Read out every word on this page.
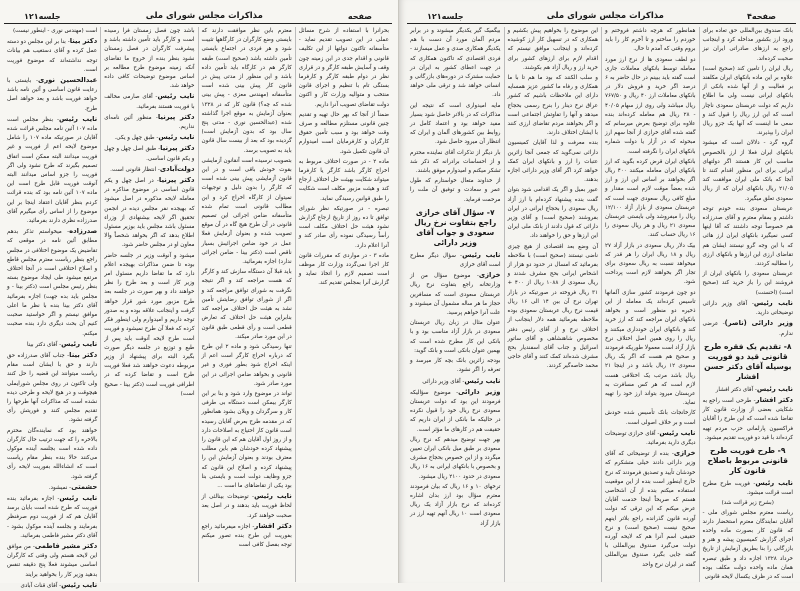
صفحه
مذاکرات مجلس شورای ملی
جلسه۱۲۱
بحرانرا با استفاده از شرح مسائل عملی در این تصویب تقدیم نماید - متأسفانه تاکنون دولتها از این تکلیف قانونی و اقدام جدی در این زمینه چون وقف و آسایش طبقه کارگر و در قراری نظر در دوام طبقه کارگر و کارفرما بستگی تام با تنظیم و اجرای قانون منتخب و متوالیه وزارت کار و اکنون دولت تقاضای تصویب آنرا داریم.
ضمناً از آنجا که بهر حال تهیه و تقدیم چنین قانونی مستلزم مطالعه و صرف وقت خواهد بود و سبب تأمین حقوق کارگران و کارفرمایان است امیدوارم آن قانون تکمیل شود.
ماده ۲ - در صورت اختلاف مربوط به اخراج کارگر باشد کارگر یا کارفرما میتواند شکایت بهیئت حل اختلاف ارجاع کند و هیئت مزبور مکلف است شکایت را طبق قوانین رسیدگی نماید.
تبصره - در صورتیکه نظر شورای توافق تا ده روز از تاریخ ارجاع گزارش نشود هیئت حل اختلاف مکلف است رأساً رسیدگی نموده رأی صادر کند و آنرا اعلام دارد.
ماده ۳ - در مواردی که مقررات قانون کار اجرا نمی‌گردد وزارت کار موظف است تصمیم لازم را اتخاذ نماید و گزارش آنرا بمجلس تقدیم کند.
معترم باین نظر موافقت دارند که بایستی وضع کارگران در کارگاهها تثبیت شود و هر فردی در اجتماع بایستی تأمین داشته باشد (صحیح است) طبقه کارگر هم در کارگاه باید تأمین داده باشد و این منظور از مدتی پیش در قانون کار پیش بینی شده است متأسفانه (مهندس معزی - پیش بینی شده که چه؟) قانون کار که در ۱۳۲۸ بعنوان آزمایش به موقع اجرا گذاشته شده (عبدالحسین نوری - مدتی پنج سال بود که بدون آزمایش است) گردیده بود که بعد از بیست سال قانون باید به تصویب برسد.
بتصویب نرسیده است آنقانون آزمایشی بقوت خودش باقی است و در این قانون آزمایشی پیش بینی شده است که کارگر را بدون دلیل و توجیهات نمیتوان از کارگاه اخراج کرد و این مطالب قانونی است تمام شده متأسفانه ضامن اجرائی این تصمیم قانونی در آن طرح هیچ گاه در آن موقع تصویب شده و بعنوان آزمایش فعلا عمل در خود ضامن اجرائیش بسیار ناقص است (دکتر بینا - ضامن اجرائی ندارد) اجازه بفرمائید.
باید قبلا آن دستگاه سازش کند و کارگر که هست مراجعه کند و اگر نتیجه نگرفت به شورای توافق مراجعه کند و اگر از شورای توافق رضایتش تأمین نشد به هیئت حل اختلاف مراجعه کند بنابراین هیئت حل اختلاف که تعارض قطعی است و رأی قطعی طبق قانون در این مورد صادر میکند.
تنها رسیدگی شود و ماده ۲ این طرح که درباره اخراج کارگر است اعم از اینکه اخراج شود بطور فوری و غیر قانونی و بخواهد ضامن اجرائی در این مورد صادر شود.
تواند در موضوع وارد شود و بنا بر این کارگر بیمکن است دستگاه بی طرفی کار و سرگردان و ویلان بشود همانطور که در مقدمه طرح بعرض آقایان رسیده است قانون کار احتیاج به اصلاحات دارد و از روز اول آقایان هم که این قانون را پیشنهاد کرده خودشان هم باین مطلب معترف بودند و بعنوان آزمایش این را پیشنهاد کرده و اصلاح این قانون که جزو وظایف دولت است و بایستی بنا بود یکی از تقاضاهای ما است ...
نایب رئیس- توضیحات بینالئی از لحاظ فوریت باید بدهند و در اصل بعد صحبت خواهند کرد.
دکتر افشار- اجازه میفرمائید راجع بفوریت این طرح بنده تصور میکنم توجه بفصل کافی است
باشد چون فصل زمستان فرا رسیده است و کارگر باید تأمین داشته باشد و پیشرفت کارگران در فصل زمستان نشود بنظر بنده از خروج ما تقاضای آنکه زمینه موضوع طرح مطالعه بر اساس موضوع توضیحات کافی داده خواهد شد.
نایب رئیس- آقای صارمی مخالف با فوریت هستند بفرمائید.
دکتر پیرنیا- منظور آئین نامه‌ای نداریم.
نایب رئیس- طبق چهل و یکی.
دکتر پیرنیا- طبق اصل چهل و چهل و یکم قانون اساسی.
دولت‌آبادی- انتظار قانونی است.
دکتر پیرنیا- در اصل چهل و یکم قانون اساسی در موضوع مذاکره در معامله لایحه مذکوره در اصل میشود که بهیجده نفر مجلس دیده در انجمن تحقیق اگر لایحه بیشنهادی از وزراء مسئول باشد مجلس باید بوزیر مسئول اطلاع بدهد که اگر بخواهد شخصاً والا معاون او در مجلس حاضر شود.
میشود و آنوقت وزیر در جلسه حاضر بوده تا ضمن مذاکرات بهیجده اعلام دارد که ما تقاضا داریم مسئول امر وزیر کار است و بعد طرح را نظر خواهند داد و بهر صورت در جلسه بعد طرح مزبور مورد شور قرار خواهد گرفت و اینجانب علاقه بوده و به صدور توجه داریم و امیدوارم ولی اینطور فکر کرده که فعلا آن طرح نمیشود و فوریت است طرح لایحه آنوقت باید پس از طبع و توزیع در جلسه دیگر صورت بگیرد البته برای پیشنهاد از وزیر مربوطه دعوت خواهند شد فعلا فوریت طرح است و تقاضا کرده که در اطرافی فوریت است (دکتر بینا - صحیح است)
است (مهندس نوری - اینطور نیست)
دکتر بینا- بنا بر این مجلس دو دسته عمل کرده و آقای دستغیب هم بیانات توجه نداشته‌اند که موضوع فوریت است.
عبدالحسین نوری- بایستی با رعایت قانون اساسی و آئین نامه باشد خواهد فوریت باشد و بعد خواهد اصل طرح.
نایب رئیس- بنظر مجلس است ماده ۱۰۷ آئین نامه مجلس قرائت شده آقایان در صورتیکه ماده ۱۰۷ را شامل موضوع لایحه اعم از فوریت و غیر فوریت میدانند البته ممکن است اتفاق تصمیم بگیرند که طرح نشود ولی اگر فوریت را جزو اساس میدانند البته آنوقت فوریت قابل طرح است این ماده ۱۰۷ آئین نامه بود که بنده قرائت کردم بنظر آقایان اعتقاد اینجا بر این موضوع را از اساس رأی میگیرم آقای صدرزاده نظری دارند بفرمائید.
صدرزاده- میخواستم تذکر بدهم مطابق آئین نامه در موقعی که تقاضیض یک موضوع اختلافی در مجلس راجع بنظر ریاست معترم مجلس قاطع و اصلاح اختلافی است در آنجا اختلاف مرتفع میشود طی ایجاد موضوع بسته بنظر رئیس مجلس است (دکتر بینا - و مجلس باید بده جهت) اجازه بفرمائید آقای دکتر بینا بنده با نظر ما اعلی موافق نیستم و اگر خواستید صحبت کنیم آن بحث دیگری دارد بنده صحبت میکنم.
نایب رئیس- آقای دکتر بینا
دکتر بینا- جناب آقای صدرزاده حق دارند و حق با ایشان است مقام ریاست میتوانند این قضیه را حل کنند ولی تاکنون در روی مجلس شورایملی هیچوقت و در هیچ لایحه و طرحی دیده نشده است که مذاکرات آنها طرحها را تقدیم مجلس کنند و فوریتش رأی گرفته نشود.
خواهند بود که نماینده‌گان محترم بالاخره را که جهت ترتیب حال کارگران داده شده است بجلسه آینده موکول می‌کنند حالا بنده بنظر مقام ریاست است که انشاءالله بفوریت لایحه رأی گرفته شود.
حشمتی- نمیشود.
نایب رئیس- اجازه بفرمائید بنده فوریت که طرح شده است بایان برسد آقایان هم که از فوریت دوم صرفنظر بفرمایند و بجلسه آینده موکول بشود - آقای دکتر مشیر فاطمی بفرمائید.
دکتر مشیر فاطمی- من موافق این لایحه هستم ولی وقتی که کارگران اساسی میشوند فعلا پنج دقیقه تنفس بدهید وزیر کار را بخواهید برایند
نایب رئیس- آقای قنات آبادی
صفحه۴
مذاکرات مجلس شورای ملی
جلسه۱۲۱
بانک صندوق بین‌المللی حق تعاده برای ورود ارز بکشور مداخله کرد و اینجانب راجع به ارزهای صادراتی ایران نیز صحبت کرده‌اند.
ریال ایران را تامین کند (صحیح است) علاوه بر این ماده بانکهای ایران مکلفند بر فعالیت و از آنها شده بانکی از بانکهای ایرانی نیست ولی ما اطلاع داریم که دولت عربستان سعودی ناچار است که این ارز ریال را قبول کند و سعی ما اینست که آنها یک جزو ریال ایران را بپذیرند.
گروه گرد - دلالان است که میشود بانکهای ایران فعلا از ارز بالخصوص مناسب این کار هستند اگر دولتهای ایرانی برای این منظور اقدام کنند تا آنجا که بانک ملی ایران موافقت کند ۲۱/۰۵ ریال بانکهای ایران که از ریال سعودی تعلق میگیرد.
عربستان سعودی بنده خودم توجه داشتم و بمقام معترم و آقای صدرزاده هم خصوصاً توجه داشتند که آقا اینها کسی نمیگیرد بانکهای ایران ارز هائی که با این وجه گرو نیستند ایشان هم تقاضای ارزی این ارزها و بانکهای ارزی را مطالبه کردند.
عربستان سعودی را بانکهای ایران از فروشند این را باز خرید کند (صحیح است) (احسنت)
نایب رئیس- آقای وزیر دارائی توضیحاتی دارید.
وزیر دارائی (ناصر)- عرضی ندارم.
۸- تقدیم یک فقره طرح قانونی قید دو فوریت بوسیله آقای دکتر حسن افشار
نایب رئیس- آقای دکتر افشار
دکتر افشار- طرحی است راجع به شکایتی بعضی از وزارت قانون کار تقاضا شده است که این طرح را آقایان فراکسیون پارلمانی حزب مردم تهیه کرده‌اند با قید دو فوریت تقدیم میشود.
۹- طرح فوریت طرح قانونی مربوط باصلاح قانون کار
نایب رئیس- فوریت طرح مطرح است قرائت میشود.
(بشرح زیر قرائت شد)
ریاست معترم مجلس شورای ملی - آقایان نمایندگان معترم استحضار دارند که قانون کار بصورت ماده واحده اجرای گزارش کمیسیون پیشه و هنر و بازرگانی را بنا بطریق آزمایش از تاریخ خرداد ۱۳۲۸ اجازه داد و طبق تبصره همان ماده واحده دولت مکلف بوده است که در ظرف یکسال لایحه قانونی
همانطور که هرچه داشتم فروختم و خوردم را ساختم و تا آخرم کار را باید بروم وقتی که آمدم تا حال.
دو لطف سعودی ها از نرخ ارز مورد معامله توسط بانکهای معاملات جاری است گفته باید ببینم در حال حاضر به ۶ درصد اگر خرید و فروش دلار در بانکهای معاملات ارز ۴۰ ریال و ۷۶۷/۵۰ ریال میباشد ولی روی ارز سهام ۴۰/۰۵ - ۲۸ ریال هم معامله کرده‌اند بنده علاوه برای توضیح بعرض میرسانم که گفته شده آقای خرازی از آنجا سهم ارز مبحوثه که در آزار یا دولت شماره بانکهای ایران را نگرفته است.
بانکهای ایران قرض کرده بگوید که ارز بانکهای ایران معامله میکنند ۴۰۰ ریال اگر بخواهند بر اساس این ارز و ارز شده بعضاً موقت لازم است مقدار و مبلغ کافی ریال سعودی جهت است که عربستان سعودی از بازار آزاد ۱۲/۱۰۰ ریال را میفروشد ولی بایستی عربستان سعودی ۲۱ ریال و هر ریال سعودی را ۱۶ ریال حساب کنند.
بیک دلار ریال سعودی در بازار آزاد ۲۷ ریال و ۱۸ ریال ایران را هر قدر که میخواهد نسبت به ریال سعودی برای تجار اگر بخواهند لازم است پرداخت شود.
دو چون فرمودند کشور سازی آلمانها تاسیس کرده‌اند یک معامله از این ذخیره دو منظور است و بخواهد بانکهای ایران مراجعه کند که ارز خرید کند و بانکهای ایران خودداری میکنند و ریال را روی همین اصل اختلاف نرخ بازار آزاد است معمولا طوریکه فرمودند و صحیح هم هست که اگر یک ریال سعودی ۱۲ ریال باشد و در اینجا ۲۱ ریال باشد مرتب یک اختلافی هست لازم است که هر کس مسافرت به عربستان میرود بتواند ارز خود را تهیه نماید.
کارخانجات بانک تأسیس شده خودش است و بر خلاف اصولی است.
نایب رئیس- آقای خرازی توضیحات دیگری دارید بفرمائید.
خرازی- بنده از توضیحاتی که آقای وزیر دارائی دادند خیلی متشکرم که خودشان تأیید و تصدیق فرمودند که نرخ خارج اینطور است بنده از این موقعیت استفاده میکنم بنده از آن اشخاصی هستم که صریحاً اینجا خدمت آقایان عرض میکنم که این ترقی که دولت آورده قانون گذرانده راجع بلاتر اینهم صحیح نیست (صحیح است) و نرخ حقیقی اسم آنرا هم که لایحه آورده دولت می‌گیرد صندوق بین‌المللی با گفته جایی بگیرد صندوق بین‌المللی گفته در ایران نرخ واحد
این موضوع را بخواهیم پیش بکشیم و همکاری که در تسهیل کار ارز کوشیده کرده‌اند و اینجانب موافق نیستم که اقدام لازم برای ارزهای کشور برای خرید ارز و ریال آزاد هم بکوشند.
و سلب الکنند که بود ما هم تا با ما همکاری و رفاه ما کشور عزیز همسایه دارای این ملاحظات باشیم که کشور عراق نرخ دینار را بنرخ رسمی بحجاج میدهد و آنها را تفاوتش اجتماعی است و اگر بخواهند مردم تقاضای ارزی کنند با ایشان اختلاف دارند.
بنده معرفت و لذا آقایان کمیسیون دارائی نمی‌گوید که جمعی آنجا زائرین عتبات را ارز و بانکهای ایران کمک خواهد کرد اگر آقای وزیر دارائی اجازه بدهند.
عبور بمیل و اگر یک اقدامی شود بتوان گفت بنده پیشنهاد کرده‌ام با ارز آزاد ریال سعودی را بحجاج ایرانی در ایران بفروشند (صحیح است) و آقای وزیر دارائی که قول دادند از بانک ملی ایران این ارزها و حق را خواهند داد.
آن وضع بعد اقتصادی از هیچ چیزی ناضی نیستند (صحیح است) با ملاحظه بفرمائید که امسال در حدود دو هزار از اشخاص ایرانی بحج مشرف شدند و ریال سعودی از ۱۰۸۸ ریال از ۴۰۰ + ۳۱ ریال فروخته در صورتیکه در بازار تهران نرخ آن بین ۱۴ الی ۱۶ ریال قیمت نرخ ریال عربستان سعودی بوده ملاحظه بفرمائید همه دلار اینجانب از اختلاف نرخ و از آقای رئیس دفتر مخصوص شاهنشاهی و آقای ساتور اسرائیل و جناب آقای اسفندیار بحج مشرف شده‌اند کمک کنند و آقای حاجی محمد خاصه‌گیر کردند.
بیگمیک گیر یکدیگر میشوند و در برابر مردم آلمان مورد آن دست با هم یکدیگر همکاری صدی و عمل میسازند - فردی اقتصادی که تاکنون همکاری که در جهت اعطای کشور به ایران در حمایت مشترک در دوره‌های بازرگانی و انسانی خواهد شد و ترقی ملی خواهد داد.
مایه امیدواری است که نتیجه این مذاکرات که در بالاتر حاصل شود بسیار مفید خواهد بود و اعتماد کامل در روابط بین کشورهای آلمان و ایران که انتظار آن میرود حاصل شود.
بار دیگر از تذکرات آقای نماینده محترم و از احساسات برادرانه که ذکر شد تشکر میکنم و امیدوارم موفق باشند.
از خداوند متعال خواستارم که طول عمر و سعادت و توفیق آن ملت را مرحمت فرماید.
۷- سؤال آقای خرازی راجع بتفاوت نرخ ریال سعودی و جواب آقای وزیر دارائی
نایب رئیس- سؤال دیگر مطرح است آقای خرازی
خرازی- موضوع سؤال من از وزارتخانه راجع بتفاوت نرخ ریال عربستان سعودی است که مسافرین حجاز ما هر ساله مشمول آن میشوند و علت آنرا خواهم پرسید.
عنوان مثال در زبان ریال عربستان سعودی در بازار آزاد مناسب بود و با بانکی این کار مطرح شده است که بهمین عنوان بانکی است و بانک گوید:
بودجه زائرین بانک بچه کار میرسد و تعرفه را اگر نشود.
نایب رئیس- آقای وزیر دارائی
وزیر دارائی- موضوع سؤالیکه فرمودند این بود که دولت عربستان سعودی نرخ ریال خود را قبول نکرده در حالیکه ما بانکی از ایران داریم که حقیقت هم در کارهای ما مؤثر است.
بهر جهت توضیح میدهم که نرخ ریال سعودی بر طبق میل بانکی ایران تعیین میگردد و از این خصوص بحجاج مشرف و بخصوص با بانکهای ایرانی به ۱۶ ریال سعودی در حدود ۲۱۰۰ ریال میشود.
ترخهای ۱۰ و ۱۶ ریال که بیان فرمودند معترم سؤال بود ارز بدان اشاره کرده‌اند که نرخ بازار آزاد یک ریال سعودی است ۱۰ ریال آنهم تهیه ارز در بازار آزاد
